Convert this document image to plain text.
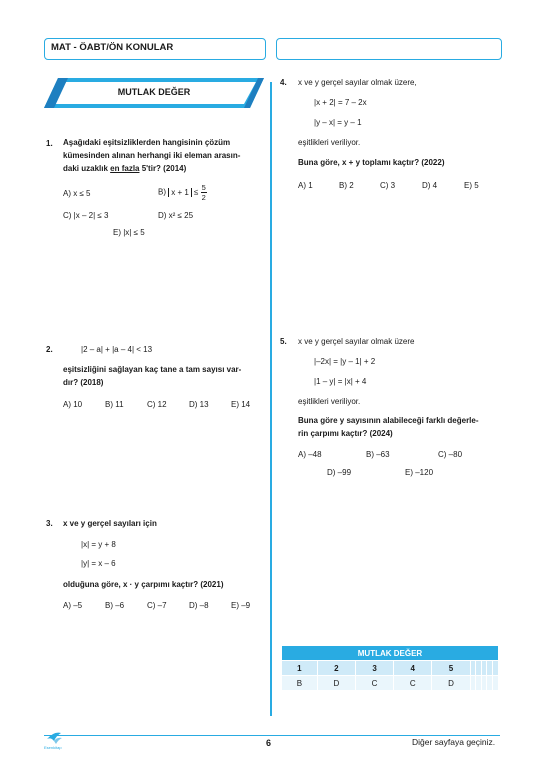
MAT - ÖABT/ÖN KONULAR
MUTLAK DEĞER
1. Aşağıdaki eşitsizliklerden hangisinin çözüm
kümesinden alınan herhangi iki eleman arasın-
daki uzaklık en fazla 5'tir? (2014)
A) x ≤ 5	B) $x + 1 \le \frac{5}{2}$
C) |x – 2| ≤ 3	D) x² ≤ 25
E) |x| ≤ 5
2.	|2 – a| + |a – 4| < 13
eşitsizliğini sağlayan kaç tane a tam sayısı var-
dır? (2018)
A) 10	B) 11	C) 12	D) 13	E) 14
3. x ve y gerçel sayıları için
|x| = y + 8
|y| = x – 6
olduğuna göre, x · y çarpımı kaçtır? (2021)
A) –5	B) –6	C) –7	D) –8	E) –9
4. x ve y gerçel sayılar olmak üzere,
|x + 2| = 7 – 2x
|y – x| = y – 1
eşitlikleri veriliyor.
Buna göre, x + y toplamı kaçtır? (2022)
A) 1	B) 2	C) 3	D) 4	E) 5
5. x ve y gerçel sayılar olmak üzere
|–2x| = |y – 1| + 2
|1 – y| = |x| + 4
eşitlikleri veriliyor.
Buna göre y sayısının alabileceği farklı değerle-
rin çarpımı kaçtır? (2024)
A) –48	B) –63	C) –80
D) –99	E) –120
MUTLAK DEĞER									
1	2	3	4	5					
B	D	C	C	D					
Esenkitap	6	Diğer sayfaya geçiniz.
